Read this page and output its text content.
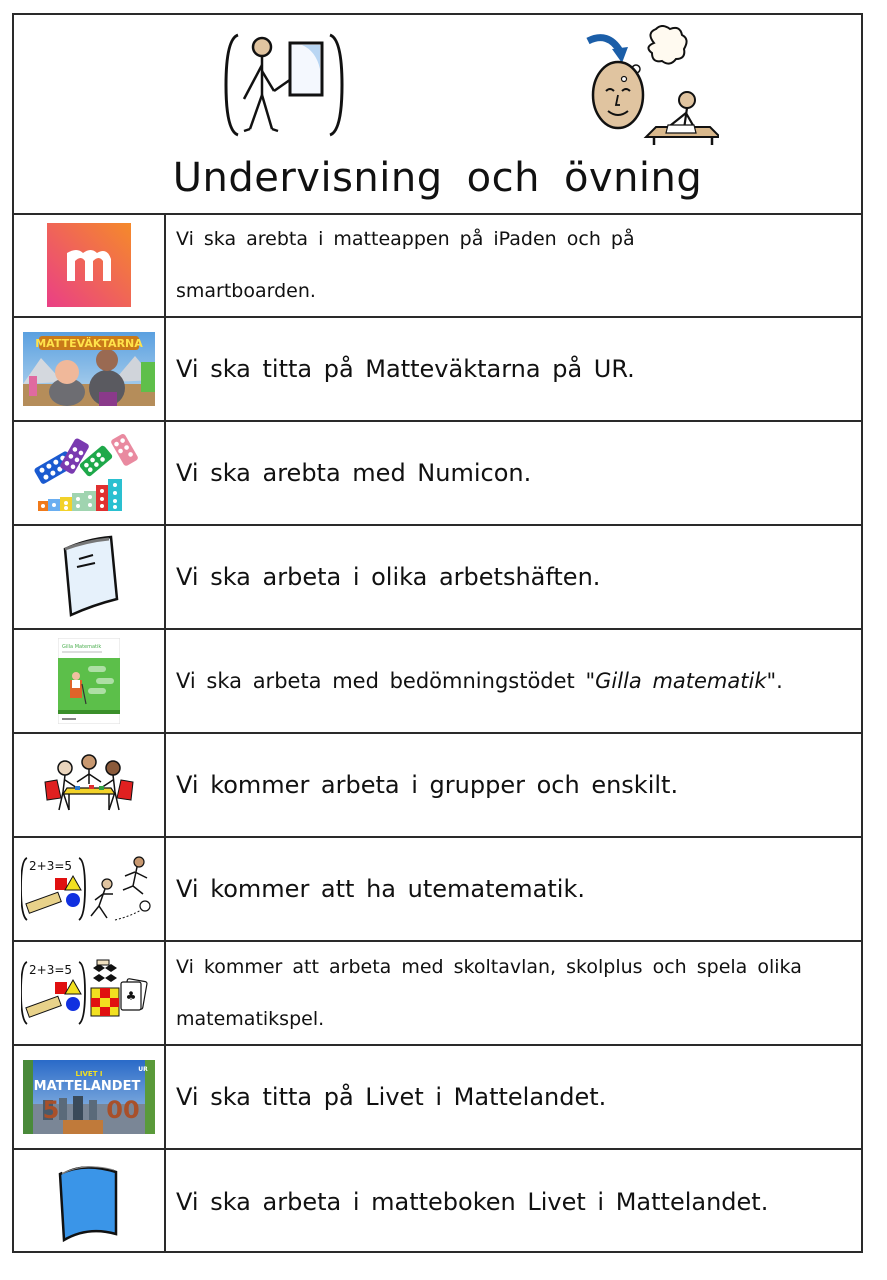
Undervisning och övning
Vi ska arebta i matteappen på iPaden och på smartboarden.
MATTEVÄKTARNA
Vi ska titta på Matteväktarna på UR.
Vi ska arebta med Numicon.
Vi ska arbeta i olika arbetshäften.
Gilla Matematik
Vi ska arbeta med bedömningstödet "Gilla matematik" .
Vi kommer arbeta i grupper och enskilt.
2+3=5
Vi kommer att ha utematematik.
2+3=5
♣
Vi kommer att arbeta med skoltavlan, skolplus och spela olika matematikspel.
5 00
LIVET I
MATTELANDET
UR
Vi ska titta på Livet i Mattelandet.
Vi ska arbeta i matteboken Livet i Mattelandet.
